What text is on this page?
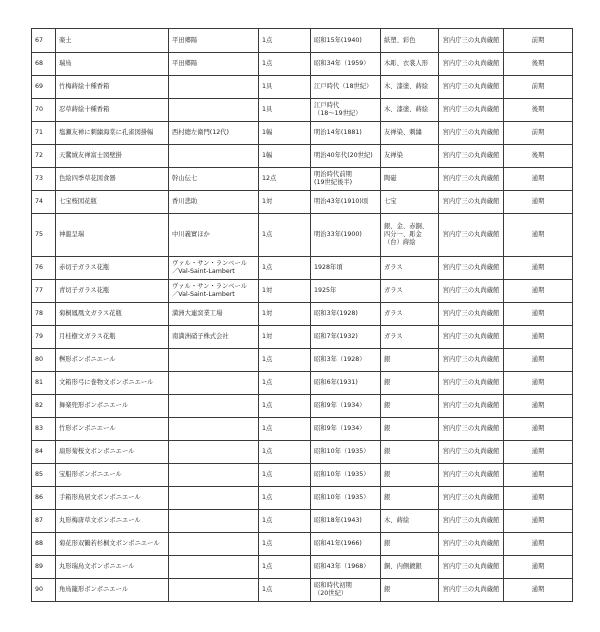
67	楽土	平田郷陽	1点	昭和15年(1940)	紙塑、彩色	宮内庁三の丸尚蔵館	前期

68	瑞鳥	平田郷陽	1点	昭和34年（1959）	木彫、衣裳人形	宮内庁三の丸尚蔵館	後期

69	竹梅蒔絵十種香箱		1具	江戸時代（18世紀）	木、漆塗、蒔絵	宮内庁三の丸尚蔵館	前期

70	忍草蒔絵十種香箱		1具	江戸時代
（18〜19世紀）	木、漆塗、蒔絵	宮内庁三の丸尚蔵館	後期

71	塩瀬友禅に刺繍海棠に孔雀図掛幅	西村總左衛門(12代)	1幅	明治14年(1881)	友禅染、刺繍	宮内庁三の丸尚蔵館	前期

72	天鵞絨友禅富士図壁掛		1幅	明治40年代(20世紀)	友禅染	宮内庁三の丸尚蔵館	後期

73	色絵四季草花図食器	幹山伝七	12点	明治時代前期
(19世紀後半)	陶磁	宮内庁三の丸尚蔵館	通期

74	七宝桜図花瓶	香川悲助	1対	明治43年(1910)頃	七宝	宮内庁三の丸尚蔵館	通期

75	神龍呈瑞	中川義實ほか	1点	明治33年(1900)	銀、金、赤銅、
四分一、彫金
（台）蒔絵	宮内庁三の丸尚蔵館	通期

76	赤切子ガラス花瓶	ヴァル・サン・ランベール
／Val-Saint-Lambert	1点	1928年頃	ガラス	宮内庁三の丸尚蔵館	通期

77	青切子ガラス花瓶	ヴァル・サン・ランベール
／Val-Saint-Lambert	1対	1925年	ガラス	宮内庁三の丸尚蔵館	通期

78	菊桐鳳凰文ガラス花瓶	満洲大連窯業工場	1対	昭和3年(1928)	ガラス	宮内庁三の丸尚蔵館	通期

79	月桂樹文ガラス花瓶	南満洲硝子株式会社	1対	昭和7年(1932)	ガラス	宮内庁三の丸尚蔵館	通期

80	桝形ボンボニエール		1点	昭和3年（1928）	銀	宮内庁三の丸尚蔵館	通期

81	文箱形弓に巻物文ボンボニエール		1点	昭和6年(1931)	銀	宮内庁三の丸尚蔵館	通期

82	舞楽兜形ボンボニエール		1点	昭和9年（1934）	銀	宮内庁三の丸尚蔵館	通期

83	竹形ボンボニエール		1点	昭和9年（1934）	銀	宮内庁三の丸尚蔵館	通期

84	扇形菊桜文ボンボニエール		1点	昭和10年（1935）	銀	宮内庁三の丸尚蔵館	通期

85	宝船形ボンボニエール		1点	昭和10年（1935）	銀	宮内庁三の丸尚蔵館	通期

86	手箱形鳥居文ボンボニエール		1点	昭和10年（1935）	銀	宮内庁三の丸尚蔵館	通期

87	丸形梅唐草文ボンボニエール		1点	昭和18年(1943)	木、蒔絵	宮内庁三の丸尚蔵館	通期

88	菊花形双鶴若杉桐文ボンボニエール		1点	昭和41年(1966)	銀	宮内庁三の丸尚蔵館	通期

89	丸形瑞鳥文ボンボニエール		1点	昭和43年（1968）	銅、内側鍍銀	宮内庁三の丸尚蔵館	通期

90	角鳥籠形ボンボニエール		1点	昭和時代初期
（20世紀）	銀	宮内庁三の丸尚蔵館	通期
